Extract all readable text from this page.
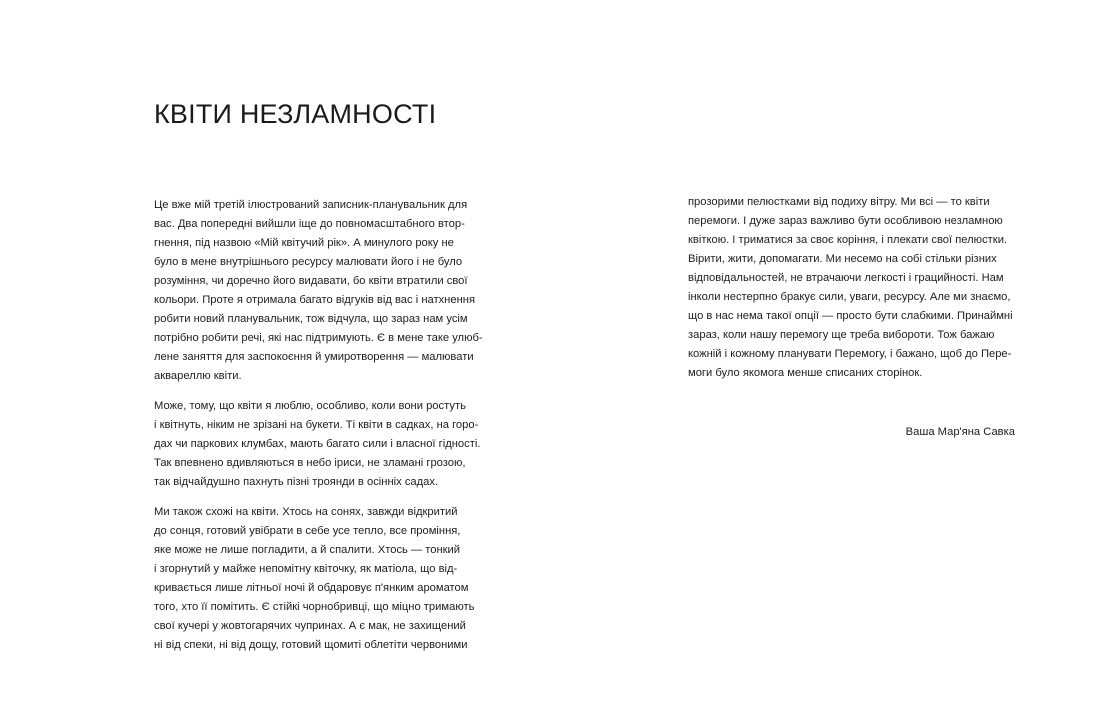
КВІТИ НЕЗЛАМНОСТІ

Це вже мій третій ілюстрований записник-планувальник для
вас. Два попередні вийшли іще до повномасштабного втор-
гнення, під назвою «Мій квітучий рік». А минулого року не
було в мене внутрішнього ресурсу малювати його і не було
розуміння, чи доречно його видавати, бо квіти втратили свої
кольори. Проте я отримала багато відгуків від вас і натхнення
робити новий планувальник, тож відчула, що зараз нам усім
потрібно робити речі, які нас підтримують. Є в мене таке улюб-
лене заняття для заспокоєння й умиротворення — малювати
аквареллю квіти.

Може, тому, що квіти я люблю, особливо, коли вони ростуть
і квітнуть, ніким не зрізані на букети. Ті квіти в садках, на горо-
дах чи паркових клумбах, мають багато сили і власної гідності.
Так впевнено вдивляються в небо іриси, не зламані грозою,
так відчайдушно пахнуть пізні троянди в осінніх садах.

Ми також схожі на квіти. Хтось на сонях, завжди відкритий
до сонця, готовий увібрати в себе усе тепло, все проміння,
яке може не лише погладити, а й спалити. Хтось — тонкий
і згорнутий у майже непомітну квіточку, як матіола, що від-
кривається лише літньої ночі й обдаровує п'янким ароматом
того, хто її помітить. Є стійкі чорнобривці, що міцно тримають
свої кучері у жовтогарячих чупринах. А є мак, не захищений
ні від спеки, ні від дощу, готовий щомиті облетіти червоними

прозорими пелюстками від подиху вітру. Ми всі — то квіти
перемоги. І дуже зараз важливо бути особливою незламною
квіткою. І триматися за своє коріння, і плекати свої пелюстки.
Вірити, жити, допомагати. Ми несемо на собі стільки різних
відповідальностей, не втрачаючи легкості і грацийності. Нам
інколи нестерпно бракує сили, уваги, ресурсу. Але ми знаємо,
що в нас нема такої опції — просто бути слабкими. Принаймні
зараз, коли нашу перемогу ще треба вибороти. Тож бажаю
кожній і кожному планувати Перемогу, і бажано, щоб до Пере-
моги було якомога менше списаних сторінок.

Ваша Мар'яна Савка
